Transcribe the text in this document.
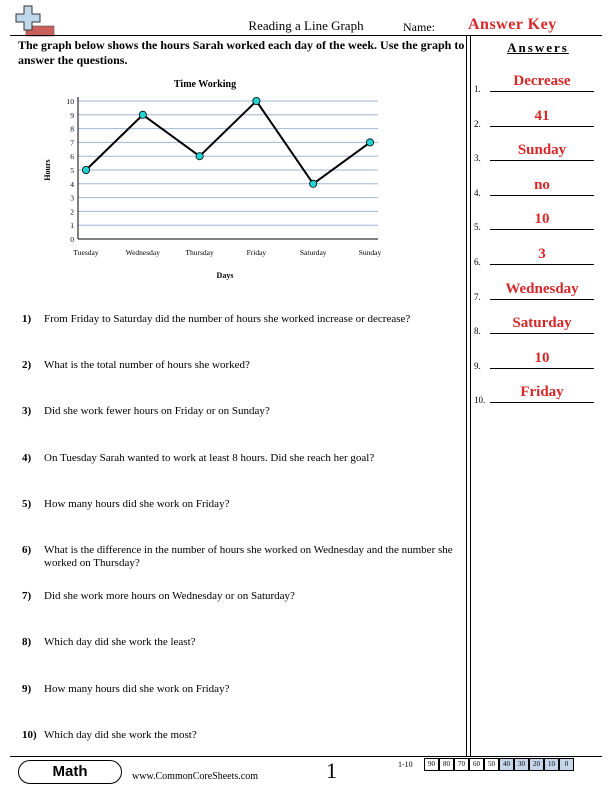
Reading a Line Graph	Name: Answer Key
The graph below shows the hours Sarah worked each day of the week. Use the graph to answer the questions.
Time Working
Hours
Days
0
1
2
3
4
5
6
7
8
9
10
Tuesday	Wednesday	Thursday	Friday	Saturday	Sunday
Answers
1.	Decrease
2.	41
3.	Sunday
4.	no
5.	10
6.	3
7.	Wednesday
8.	Saturday
9.	10
10.	Friday
1) From Friday to Saturday did the number of hours she worked increase or decrease?
2) What is the total number of hours she worked?
3) Did she work fewer hours on Friday or on Sunday?
4) On Tuesday Sarah wanted to work at least 8 hours. Did she reach her goal?
5) How many hours did she work on Friday?
6) What is the difference in the number of hours she worked on Wednesday and the number she worked on Thursday?
7) Did she work more hours on Wednesday or on Saturday?
8) Which day did she work the least?
9) How many hours did she work on Friday?
10) Which day did she work the most?
Math	www.CommonCoreSheets.com	1	1-10	90	80	70	60	50	40	30	20	10	0
